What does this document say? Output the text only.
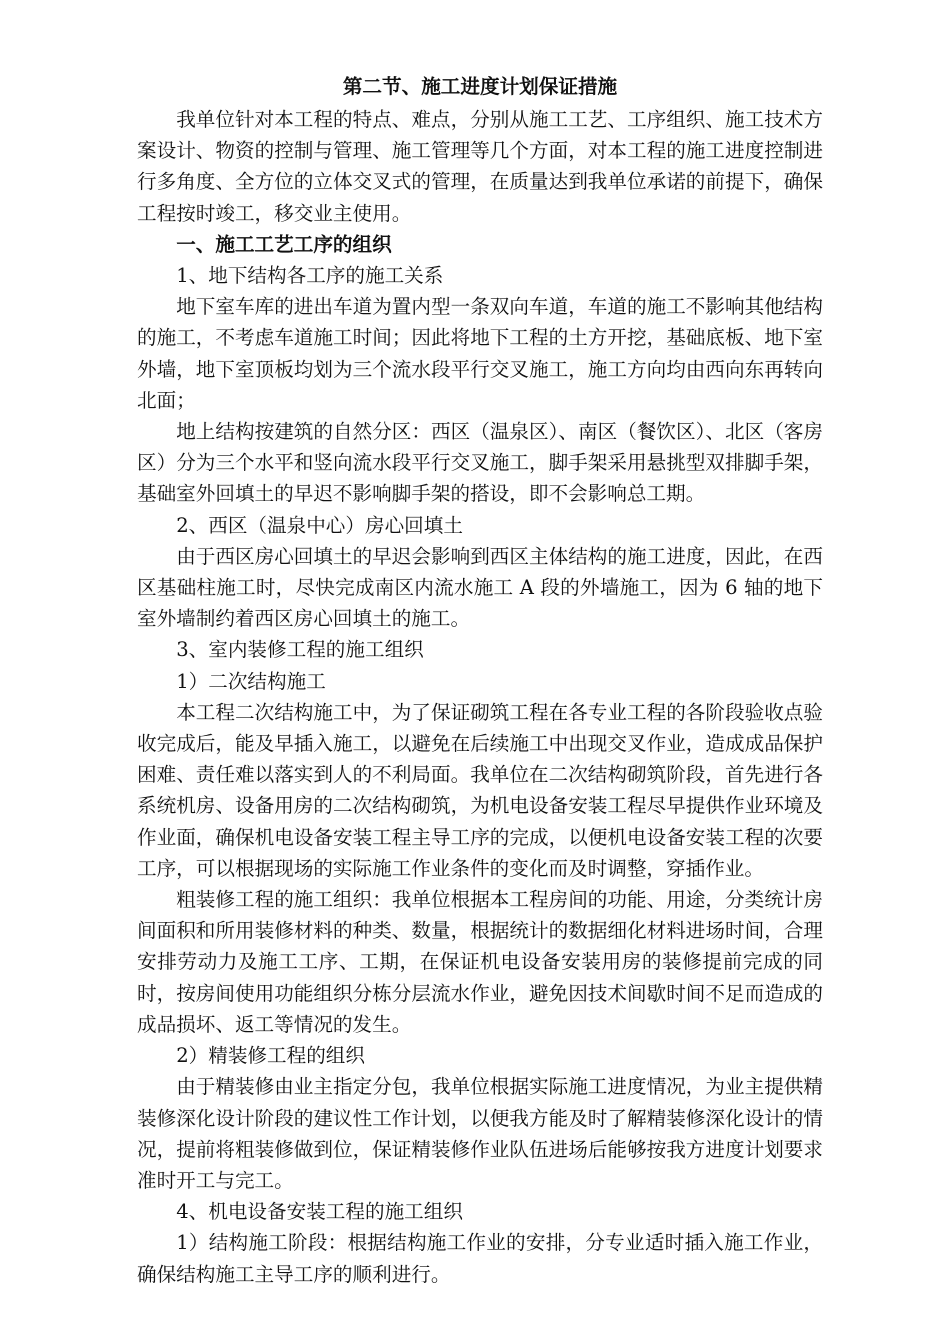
第二节、施工进度计划保证措施
我单位针对本工程的特点、难点，分别从施工工艺、工序组织、施工技术方案设计、物资的控制与管理、施工管理等几个方面，对本工程的施工进度控制进行多角度、全方位的立体交叉式的管理，在质量达到我单位承诺的前提下，确保工程按时竣工，移交业主使用。
一、施工工艺工序的组织
1、地下结构各工序的施工关系
地下室车库的进出车道为置内型一条双向车道，车道的施工不影响其他结构的施工，不考虑车道施工时间；因此将地下工程的土方开挖，基础底板、地下室外墙，地下室顶板均划为三个流水段平行交叉施工，施工方向均由西向东再转向北面；
地上结构按建筑的自然分区：西区（温泉区）、南区（餐饮区）、北区（客房区）分为三个水平和竖向流水段平行交叉施工，脚手架采用悬挑型双排脚手架，基础室外回填土的早迟不影响脚手架的搭设，即不会影响总工期。
2、西区（温泉中心）房心回填土
由于西区房心回填土的早迟会影响到西区主体结构的施工进度，因此，在西区基础柱施工时，尽快完成南区内流水施工 A 段的外墙施工，因为 6 轴的地下室外墙制约着西区房心回填土的施工。
3、室内装修工程的施工组织
1）二次结构施工
本工程二次结构施工中，为了保证砌筑工程在各专业工程的各阶段验收点验收完成后，能及早插入施工，以避免在后续施工中出现交叉作业，造成成品保护困难、责任难以落实到人的不利局面。我单位在二次结构砌筑阶段，首先进行各系统机房、设备用房的二次结构砌筑，为机电设备安装工程尽早提供作业环境及作业面，确保机电设备安装工程主导工序的完成，以便机电设备安装工程的次要工序，可以根据现场的实际施工作业条件的变化而及时调整，穿插作业。
粗装修工程的施工组织：我单位根据本工程房间的功能、用途，分类统计房间面积和所用装修材料的种类、数量，根据统计的数据细化材料进场时间，合理安排劳动力及施工工序、工期，在保证机电设备安装用房的装修提前完成的同时，按房间使用功能组织分栋分层流水作业，避免因技术间歇时间不足而造成的成品损坏、返工等情况的发生。
2）精装修工程的组织
由于精装修由业主指定分包，我单位根据实际施工进度情况，为业主提供精装修深化设计阶段的建议性工作计划，以便我方能及时了解精装修深化设计的情况，提前将粗装修做到位，保证精装修作业队伍进场后能够按我方进度计划要求准时开工与完工。
4、机电设备安装工程的施工组织
1）结构施工阶段：根据结构施工作业的安排，分专业适时插入施工作业，确保结构施工主导工序的顺利进行。
